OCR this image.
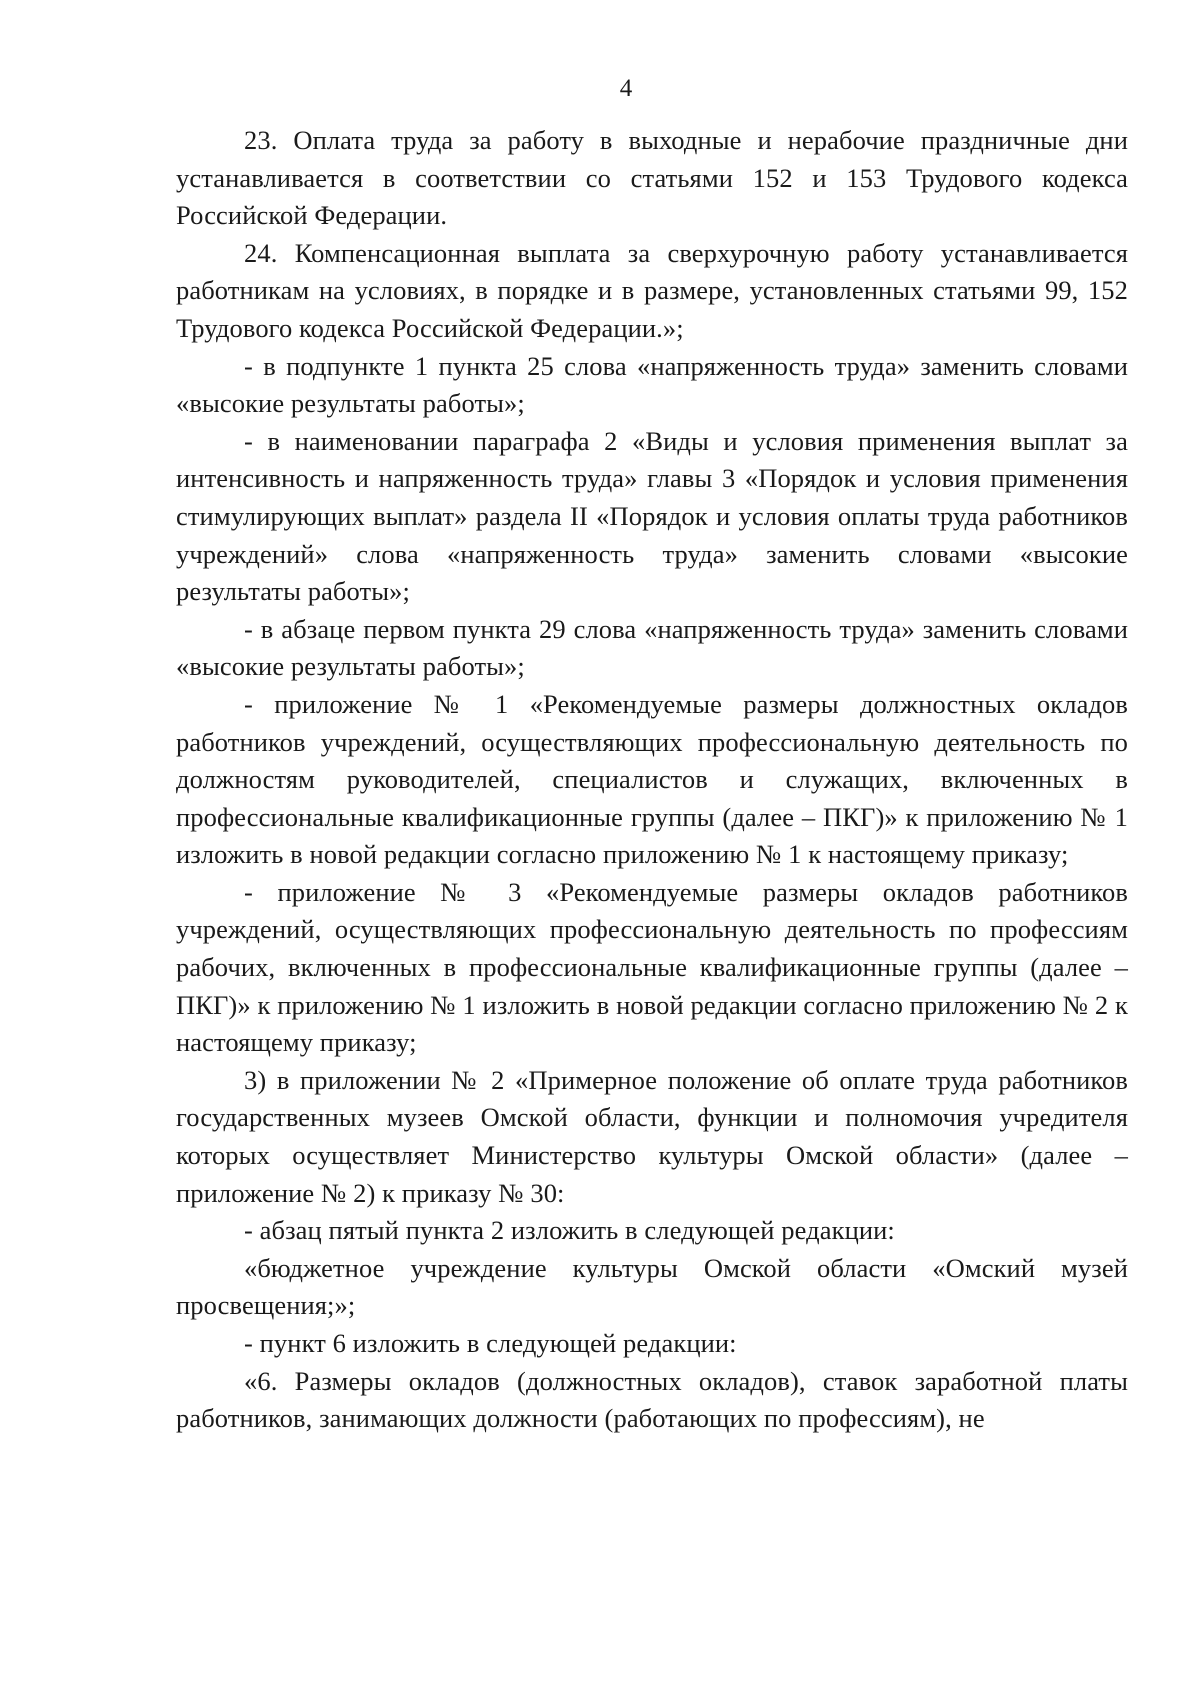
4

23. Оплата труда за работу в выходные и нерабочие праздничные дни устанавливается в соответствии со статьями 152 и 153 Трудового кодекса Российской Федерации.

24. Компенсационная выплата за сверхурочную работу устанавливается работникам на условиях, в порядке и в размере, установленных статьями 99, 152 Трудового кодекса Российской Федерации.»;

- в подпункте 1 пункта 25 слова «напряженность труда» заменить словами «высокие результаты работы»;

- в наименовании параграфа 2 «Виды и условия применения выплат за интенсивность и напряженность труда» главы 3 «Порядок и условия применения стимулирующих выплат» раздела II «Порядок и условия оплаты труда работников учреждений» слова «напряженность труда» заменить словами «высокие результаты работы»;

- в абзаце первом пункта 29 слова «напряженность труда» заменить словами «высокие результаты работы»;

- приложение № 1 «Рекомендуемые размеры должностных окладов работников учреждений, осуществляющих профессиональную деятельность по должностям руководителей, специалистов и служащих, включенных в профессиональные квалификационные группы (далее – ПКГ)» к приложению № 1 изложить в новой редакции согласно приложению № 1 к настоящему приказу;

- приложение № 3 «Рекомендуемые размеры окладов работников учреждений, осуществляющих профессиональную деятельность по профессиям рабочих, включенных в профессиональные квалификационные группы (далее – ПКГ)» к приложению № 1 изложить в новой редакции согласно приложению № 2 к настоящему приказу;

3) в приложении № 2 «Примерное положение об оплате труда работников государственных музеев Омской области, функции и полномочия учредителя которых осуществляет Министерство культуры Омской области» (далее – приложение № 2) к приказу № 30:

- абзац пятый пункта 2 изложить в следующей редакции:

«бюджетное учреждение культуры Омской области «Омский музей просвещения;»;

- пункт 6 изложить в следующей редакции:

«6. Размеры окладов (должностных окладов), ставок заработной платы работников, занимающих должности (работающих по профессиям), не
